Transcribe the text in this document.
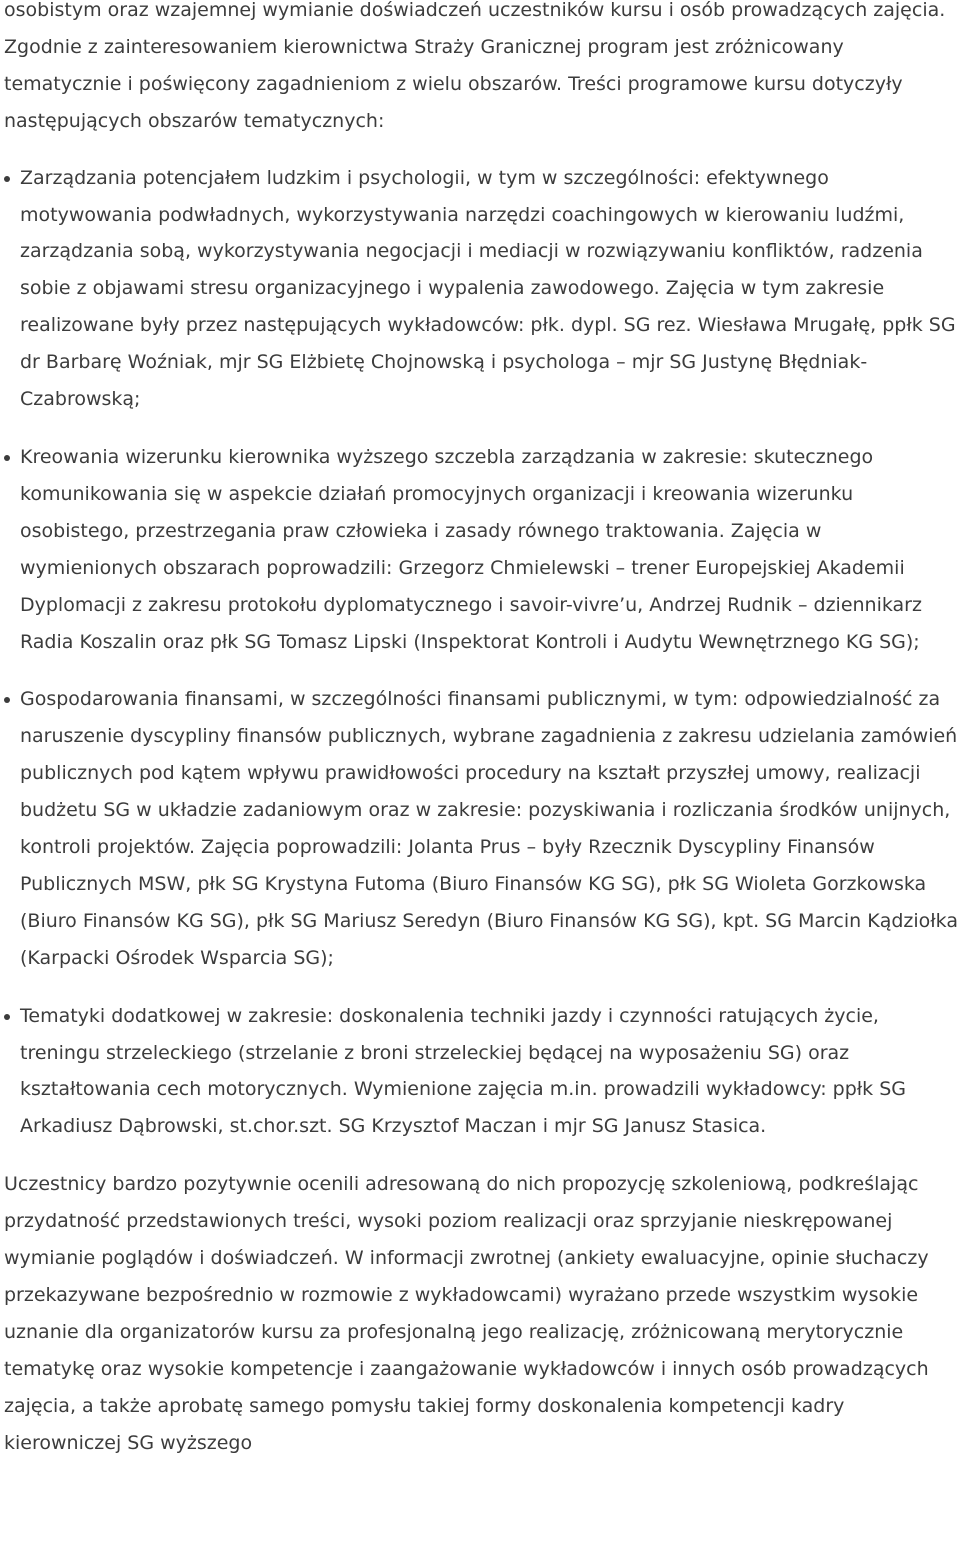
osobistym oraz wzajemnej wymianie doświadczeń uczestników kursu i osób prowadzących zajęcia. Zgodnie z zainteresowaniem kierownictwa Straży Granicznej program jest zróżnicowany tematycznie i poświęcony zagadnieniom z wielu obszarów. Treści programowe kursu dotyczyły następujących obszarów tematycznych:

Zarządzania potencjałem ludzkim i psychologii, w tym w szczególności: efektywnego motywowania podwładnych, wykorzystywania narzędzi coachingowych w kierowaniu ludźmi, zarządzania sobą, wykorzystywania negocjacji i mediacji w rozwiązywaniu konfliktów, radzenia sobie z objawami stresu organizacyjnego i wypalenia zawodowego. Zajęcia w tym zakresie realizowane były przez następujących wykładowców: płk. dypl. SG rez. Wiesława Mrugałę, ppłk SG dr Barbarę Woźniak, mjr SG Elżbietę Chojnowską i psychologa – mjr SG Justynę Błędniak-Czabrowską;
Kreowania wizerunku kierownika wyższego szczebla zarządzania w zakresie: skutecznego komunikowania się w aspekcie działań promocyjnych organizacji i kreowania wizerunku osobistego, przestrzegania praw człowieka i zasady równego traktowania. Zajęcia w wymienionych obszarach poprowadzili: Grzegorz Chmielewski – trener Europejskiej Akademii Dyplomacji z zakresu protokołu dyplomatycznego i savoir-vivre’u, Andrzej Rudnik – dziennikarz Radia Koszalin oraz płk SG Tomasz Lipski (Inspektorat Kontroli i Audytu Wewnętrznego KG SG);
Gospodarowania finansami, w szczególności finansami publicznymi, w tym: odpowiedzialność za naruszenie dyscypliny finansów publicznych, wybrane zagadnienia z zakresu udzielania zamówień publicznych pod kątem wpływu prawidłowości procedury na kształt przyszłej umowy, realizacji budżetu SG w układzie zadaniowym oraz w zakresie: pozyskiwania i rozliczania środków unijnych, kontroli projektów. Zajęcia poprowadzili: Jolanta Prus – były Rzecznik Dyscypliny Finansów Publicznych MSW, płk SG Krystyna Futoma (Biuro Finansów KG SG), płk SG Wioleta Gorzkowska (Biuro Finansów KG SG), płk SG Mariusz Seredyn (Biuro Finansów KG SG), kpt. SG Marcin Kądziołka (Karpacki Ośrodek Wsparcia SG);
Tematyki dodatkowej w zakresie: doskonalenia techniki jazdy i czynności ratujących życie, treningu strzeleckiego (strzelanie z broni strzeleckiej będącej na wyposażeniu SG) oraz kształtowania cech motorycznych. Wymienione zajęcia m.in. prowadzili wykładowcy: ppłk SG Arkadiusz Dąbrowski, st.chor.szt. SG Krzysztof Maczan i mjr SG Janusz Stasica.

Uczestnicy bardzo pozytywnie ocenili adresowaną do nich propozycję szkoleniową, podkreślając przydatność przedstawionych treści, wysoki poziom realizacji oraz sprzyjanie nieskrępowanej wymianie poglądów i doświadczeń. W informacji zwrotnej (ankiety ewaluacyjne, opinie słuchaczy przekazywane bezpośrednio w rozmowie z wykładowcami) wyrażano przede wszystkim wysokie uznanie dla organizatorów kursu za profesjonalną jego realizację, zróżnicowaną merytorycznie tematykę oraz wysokie kompetencje i zaangażowanie wykładowców i innych osób prowadzących zajęcia, a także aprobatę samego pomysłu takiej formy doskonalenia kompetencji kadry kierowniczej SG wyższego
